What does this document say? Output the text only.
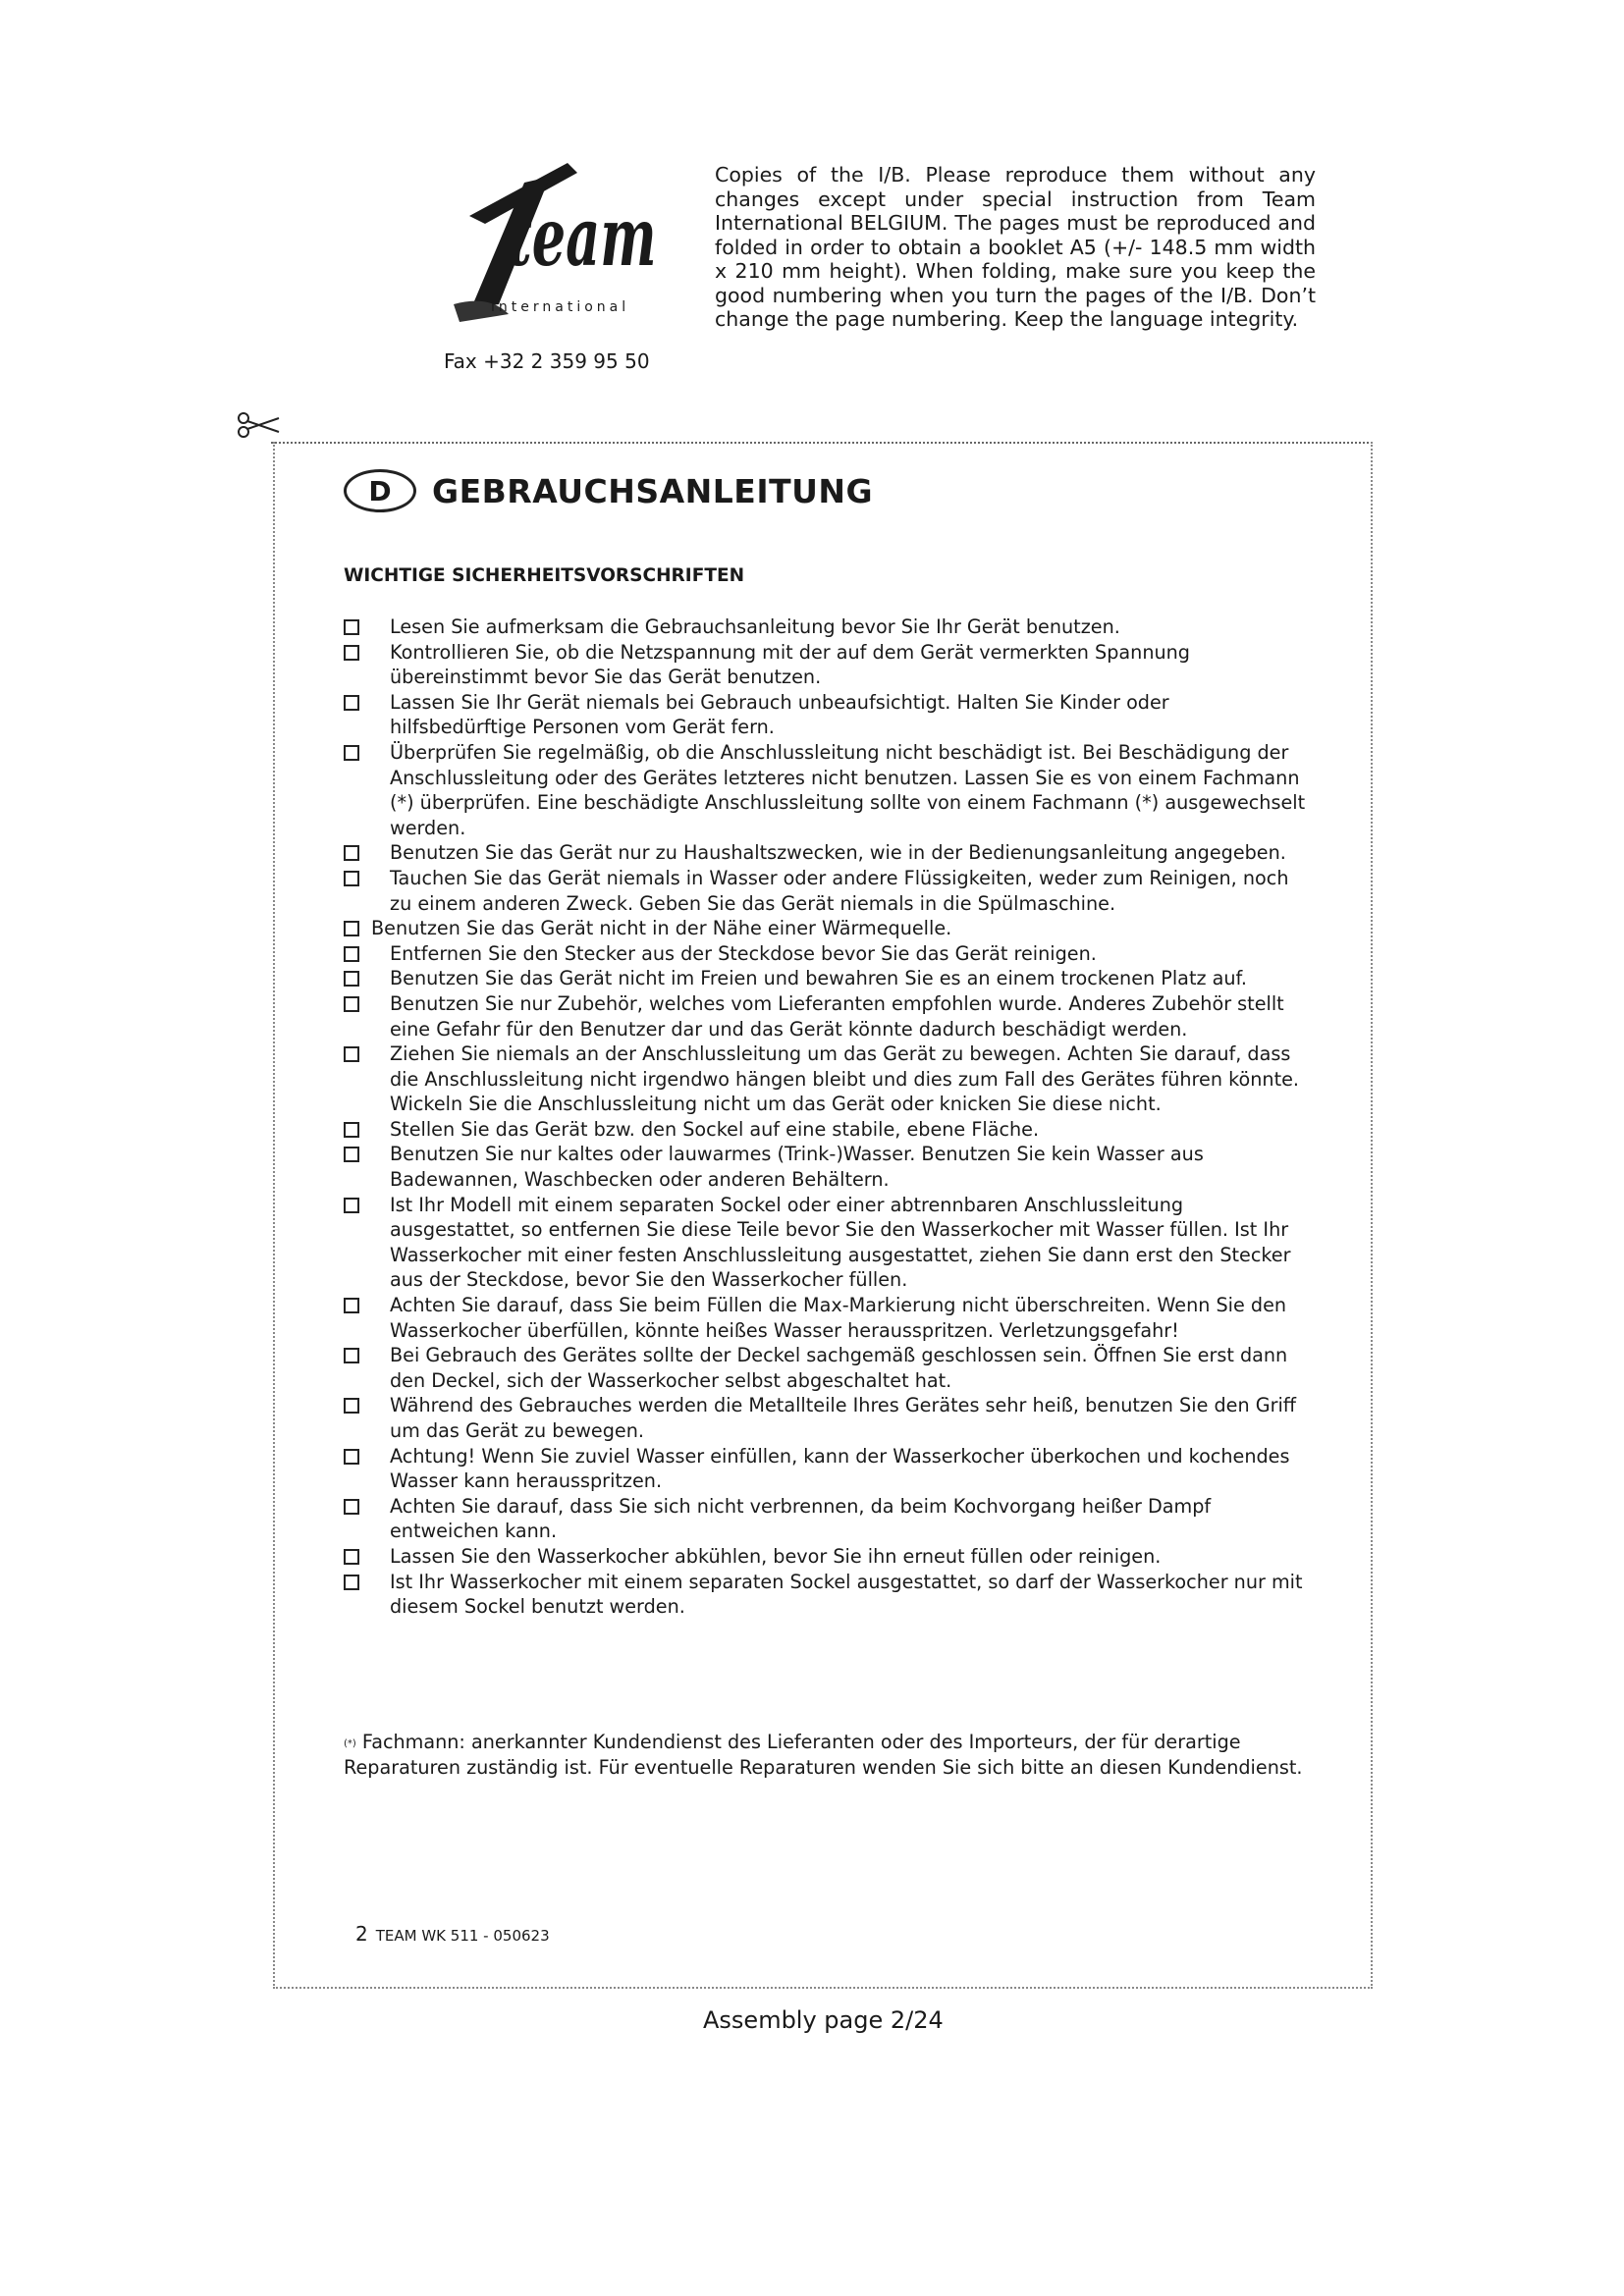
team
international
Fax +32 2 359 95 50
Copies of the I/B. Please reproduce them without any changes except under special instruction from Team International BELGIUM. The pages must be reproduced and folded in order to obtain a booklet A5 (+/- 148.5 mm width x 210 mm height). When folding, make sure you keep the good numbering when you turn the pages of the I/B. Don’t change the page numbering. Keep the language integrity.
D	GEBRAUCHSANLEITUNG
WICHTIGE SICHERHEITSVORSCHRIFTEN
Lesen Sie aufmerksam die Gebrauchsanleitung bevor Sie Ihr Gerät benutzen.
Kontrollieren Sie, ob die Netzspannung mit der auf dem Gerät vermerkten Spannung übereinstimmt bevor Sie das Gerät benutzen.
Lassen Sie Ihr Gerät niemals bei Gebrauch unbeaufsichtigt. Halten Sie Kinder oder hilfsbedürftige Personen vom Gerät fern.
Überprüfen Sie regelmäßig, ob die Anschlussleitung nicht beschädigt ist. Bei Beschädigung der Anschlussleitung oder des Gerätes letzteres nicht benutzen. Lassen Sie es von einem Fachmann (*) überprüfen. Eine beschädigte Anschlussleitung sollte von einem Fachmann (*) ausgewechselt werden.
Benutzen Sie das Gerät nur zu Haushaltszwecken, wie in der Bedienungsanleitung angegeben.
Tauchen Sie das Gerät niemals in Wasser oder andere Flüssigkeiten, weder zum Reinigen, noch zu einem anderen Zweck. Geben Sie das Gerät niemals in die Spülmaschine.
Benutzen Sie das Gerät nicht in der Nähe einer Wärmequelle.
Entfernen Sie den Stecker aus der Steckdose bevor Sie das Gerät reinigen.
Benutzen Sie das Gerät nicht im Freien und bewahren Sie es an einem trockenen Platz auf.
Benutzen Sie nur Zubehör, welches vom Lieferanten empfohlen wurde. Anderes Zubehör stellt eine Gefahr für den Benutzer dar und das Gerät könnte dadurch beschädigt werden.
Ziehen Sie niemals an der Anschlussleitung um das Gerät zu bewegen. Achten Sie darauf, dass die Anschlussleitung nicht irgendwo hängen bleibt und dies zum Fall des Gerätes führen könnte. Wickeln Sie die Anschlussleitung nicht um das Gerät oder knicken Sie diese nicht.
Stellen Sie das Gerät bzw. den Sockel auf eine stabile, ebene Fläche.
Benutzen Sie nur kaltes oder lauwarmes (Trink-)Wasser. Benutzen Sie kein Wasser aus Badewannen, Waschbecken oder anderen Behältern.
Ist Ihr Modell mit einem separaten Sockel oder einer abtrennbaren Anschlussleitung ausgestattet, so entfernen Sie diese Teile bevor Sie den Wasserkocher mit Wasser füllen. Ist Ihr Wasserkocher mit einer festen Anschlussleitung ausgestattet, ziehen Sie dann erst den Stecker aus der Steckdose, bevor Sie den Wasserkocher füllen.
Achten Sie darauf, dass Sie beim Füllen die Max-Markierung nicht überschreiten. Wenn Sie den Wasserkocher überfüllen, könnte heißes Wasser herausspritzen. Verletzungsgefahr!
Bei Gebrauch des Gerätes sollte der Deckel sachgemäß geschlossen sein. Öffnen Sie erst dann den Deckel, sich der Wasserkocher selbst abgeschaltet hat.
Während des Gebrauches werden die Metallteile Ihres Gerätes sehr heiß, benutzen Sie den Griff um das Gerät zu bewegen.
Achtung! Wenn Sie zuviel Wasser einfüllen, kann der Wasserkocher überkochen und kochendes Wasser kann herausspritzen.
Achten Sie darauf, dass Sie sich nicht verbrennen, da beim Kochvorgang heißer Dampf entweichen kann.
Lassen Sie den Wasserkocher abkühlen, bevor Sie ihn erneut füllen oder reinigen.
Ist Ihr Wasserkocher mit einem separaten Sockel ausgestattet, so darf der Wasserkocher nur mit diesem Sockel benutzt werden.
(*) Fachmann: anerkannter Kundendienst des Lieferanten oder des Importeurs, der für derartige Reparaturen zuständig ist. Für eventuelle Reparaturen wenden Sie sich bitte an diesen Kundendienst.
2 TEAM WK 511 - 050623
Assembly page 2/24
